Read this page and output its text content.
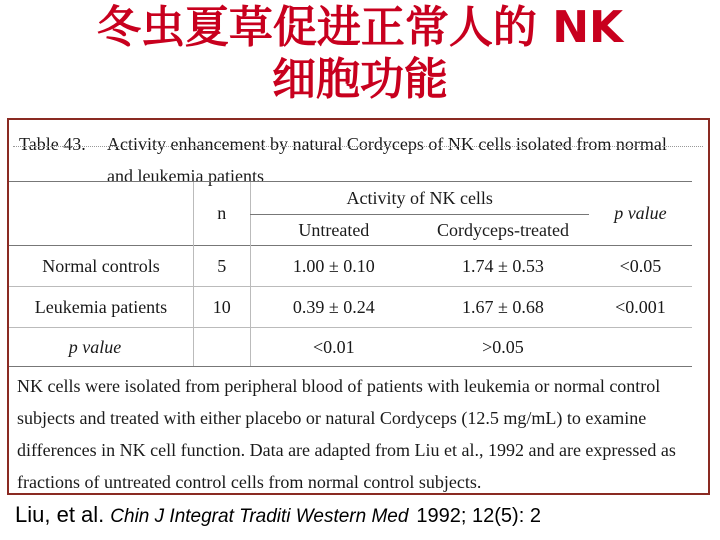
冬虫夏草促进正常人的 NK
细胞功能
Table 43. Activity enhancement by natural Cordyceps of NK cells isolated from normal
and leukemia patients
	n	Activity of NK cells		p value
		Untreated	Cordyceps-treated	
Normal controls	5	1.00 ± 0.10	1.74 ± 0.53	<0.05
Leukemia patients	10	0.39 ± 0.24	1.67 ± 0.68	<0.001
p value		<0.01	>0.05	
NK cells were isolated from peripheral blood of patients with leukemia or normal control subjects and treated with either placebo or natural Cordyceps (12.5 mg/mL) to examine differences in NK cell function. Data are adapted from Liu et al., 1992 and are expressed as fractions of untreated control cells from normal control subjects.
Liu, et al. Chin J Integrat Traditi Western Med 1992; 12(5): 2
